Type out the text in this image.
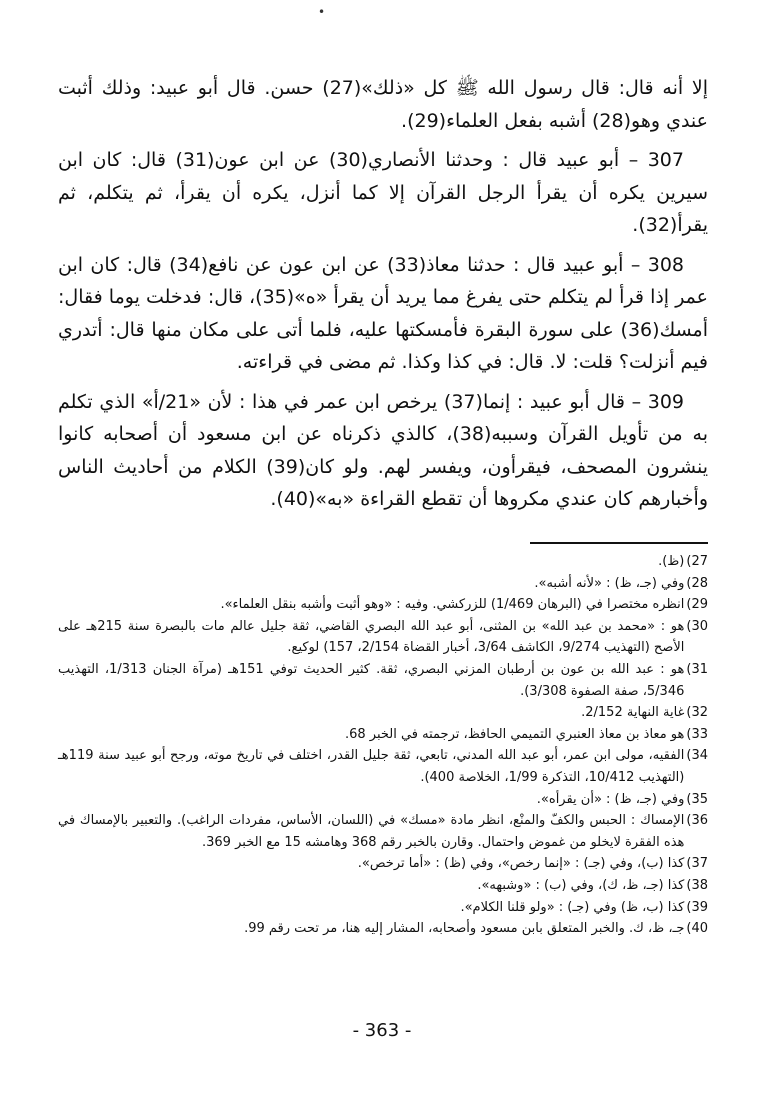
•

إلا أنه قال: قال رسول الله ﷺ كل «ذلك»(27) حسن. قال أبو عبيد: وذلك أثبت عندي وهو(28) أشبه بفعل العلماء(29).

307 – أبو عبيد قال : وحدثنا الأنصاري(30) عن ابن عون(31) قال: كان ابن سيرين يكره أن يقرأ الرجل القرآن إلا كما أنزل، يكره أن يقرأ، ثم يتكلم، ثم يقرأ(32).

308 – أبو عبيد قال : حدثنا معاذ(33) عن ابن عون عن نافع(34) قال: كان ابن عمر إذا قرأ لم يتكلم حتى يفرغ مما يريد أن يقرأ «ه»(35)، قال: فدخلت يوما فقال: أمسك(36) على سورة البقرة فأمسكتها عليه، فلما أتى على مكان منها قال: أتدري فيم أنزلت؟ قلت: لا. قال: في كذا وكذا. ثم مضى في قراءته.

309 – قال أبو عبيد : إنما(37) يرخص ابن عمر في هذا : لأن «21/أ» الذي تكلم به من تأويل القرآن وسببه(38)، كالذي ذكرناه عن ابن مسعود أن أصحابه كانوا ينشرون المصحف، فيقرأون، ويفسر لهم. ولو كان(39) الكلام من أحاديث الناس وأخبارهم كان عندي مكروها أن تقطع القراءة «به»(40).

27)
(ظ).
28)
وفي (جـ، ظ) : «لأنه أشبه».
29)
انظره مختصرا في (البرهان 1/469) للزركشي. وفيه : «وهو أثبت وأشبه بنقل العلماء».
30)
هو : «محمد بن عبد الله» بن المثنى، أبو عبد الله البصري القاضي، ثقة جليل عالم مات بالبصرة سنة 215هـ على الأصح (التهذيب 9/274، الكاشف 3/64، أخبار القضاة 2/154، 157) لوكيع.
31)
هو : عبد الله بن عون بن أرطبان المزني البصري، ثقة. كثير الحديث توفي 151هـ (مرآة الجنان 1/313، التهذيب 5/346، صفة الصفوة 3/308).
32)
غاية النهاية 2/152.
33)
هو معاذ بن معاذ العنبري التميمي الحافظ، ترجمته في الخبر 68.
34)
الفقيه، مولى ابن عمر، أبو عبد الله المدني، تابعي، ثقة جليل القدر، اختلف في تاريخ موته، ورجح أبو عبيد سنة 119هـ (التهذيب 10/412، التذكرة 1/99، الخلاصة 400).
35)
وفي (جـ، ظ) : «أن يقرأه».
36)
الإمساك : الحبس والكفّ والمنْع، انظر مادة «مسك» في (اللسان، الأساس، مفردات الراغب). والتعبير بالإمساك في هذه الفقرة لايخلو من غموض واحتمال. وقارن بالخبر رقم 368 وهامشه 15 مع الخبر 369.
37)
كذا (ب)، وفي (جـ) : «إنما رخص»، وفي (ظ) : «أما ترخص».
38)
كذا (جـ، ظ، ك)، وفي (ب) : «وشبهه».
39)
كذا (ب، ظ) وفي (جـ) : «ولو قلنا الكلام».
40)
جـ، ظ، ك. والخبر المتعلق بابن مسعود وأصحابه، المشار إليه هنا، مر تحت رقم 99.
- 363 -
